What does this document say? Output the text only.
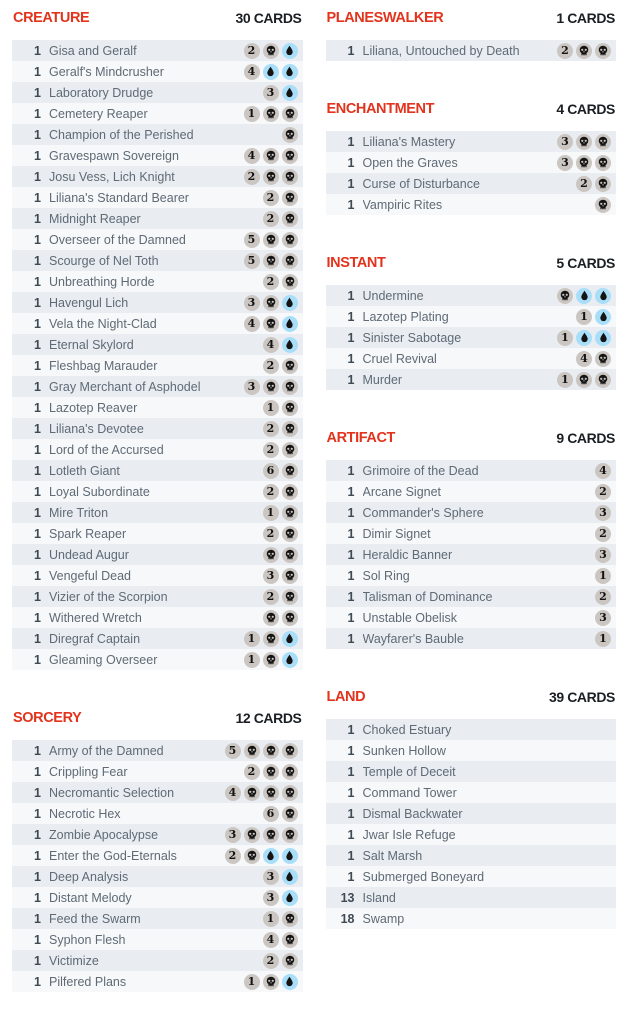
CREATURE	30 CARDS
1 Gisa and Geralf	2
1 Geralf's Mindcrusher	4
1 Laboratory Drudge	3
1 Cemetery Reaper	1
1 Champion of the Perished
1 Gravespawn Sovereign	4
1 Josu Vess, Lich Knight	2
1 Liliana's Standard Bearer	2
1 Midnight Reaper	2
1 Overseer of the Damned	5
1 Scourge of Nel Toth	5
1 Unbreathing Horde	2
1 Havengul Lich	3
1 Vela the Night-Clad	4
1 Eternal Skylord	4
1 Fleshbag Marauder	2
1 Gray Merchant of Asphodel	3
1 Lazotep Reaver	1
1 Liliana's Devotee	2
1 Lord of the Accursed	2
1 Lotleth Giant	6
1 Loyal Subordinate	2
1 Mire Triton	1
1 Spark Reaper	2
1 Undead Augur
1 Vengeful Dead	3
1 Vizier of the Scorpion	2
1 Withered Wretch
1 Diregraf Captain	1
1 Gleaming Overseer	1
SORCERY	12 CARDS
1 Army of the Damned	5
1 Crippling Fear	2
1 Necromantic Selection	4
1 Necrotic Hex	6
1 Zombie Apocalypse	3
1 Enter the God-Eternals	2
1 Deep Analysis	3
1 Distant Melody	3
1 Feed the Swarm	1
1 Syphon Flesh	4
1 Victimize	2
1 Pilfered Plans	1
PLANESWALKER	1 CARDS
1 Liliana, Untouched by Death	2
ENCHANTMENT	4 CARDS
1 Liliana's Mastery	3
1 Open the Graves	3
1 Curse of Disturbance	2
1 Vampiric Rites
INSTANT	5 CARDS
1 Undermine
1 Lazotep Plating	1
1 Sinister Sabotage	1
1 Cruel Revival	4
1 Murder	1
ARTIFACT	9 CARDS
1 Grimoire of the Dead	4
1 Arcane Signet	2
1 Commander's Sphere	3
1 Dimir Signet	2
1 Heraldic Banner	3
1 Sol Ring	1
1 Talisman of Dominance	2
1 Unstable Obelisk	3
1 Wayfarer's Bauble	1
LAND	39 CARDS
1 Choked Estuary
1 Sunken Hollow
1 Temple of Deceit
1 Command Tower
1 Dismal Backwater
1 Jwar Isle Refuge
1 Salt Marsh
1 Submerged Boneyard
13 Island
18 Swamp
